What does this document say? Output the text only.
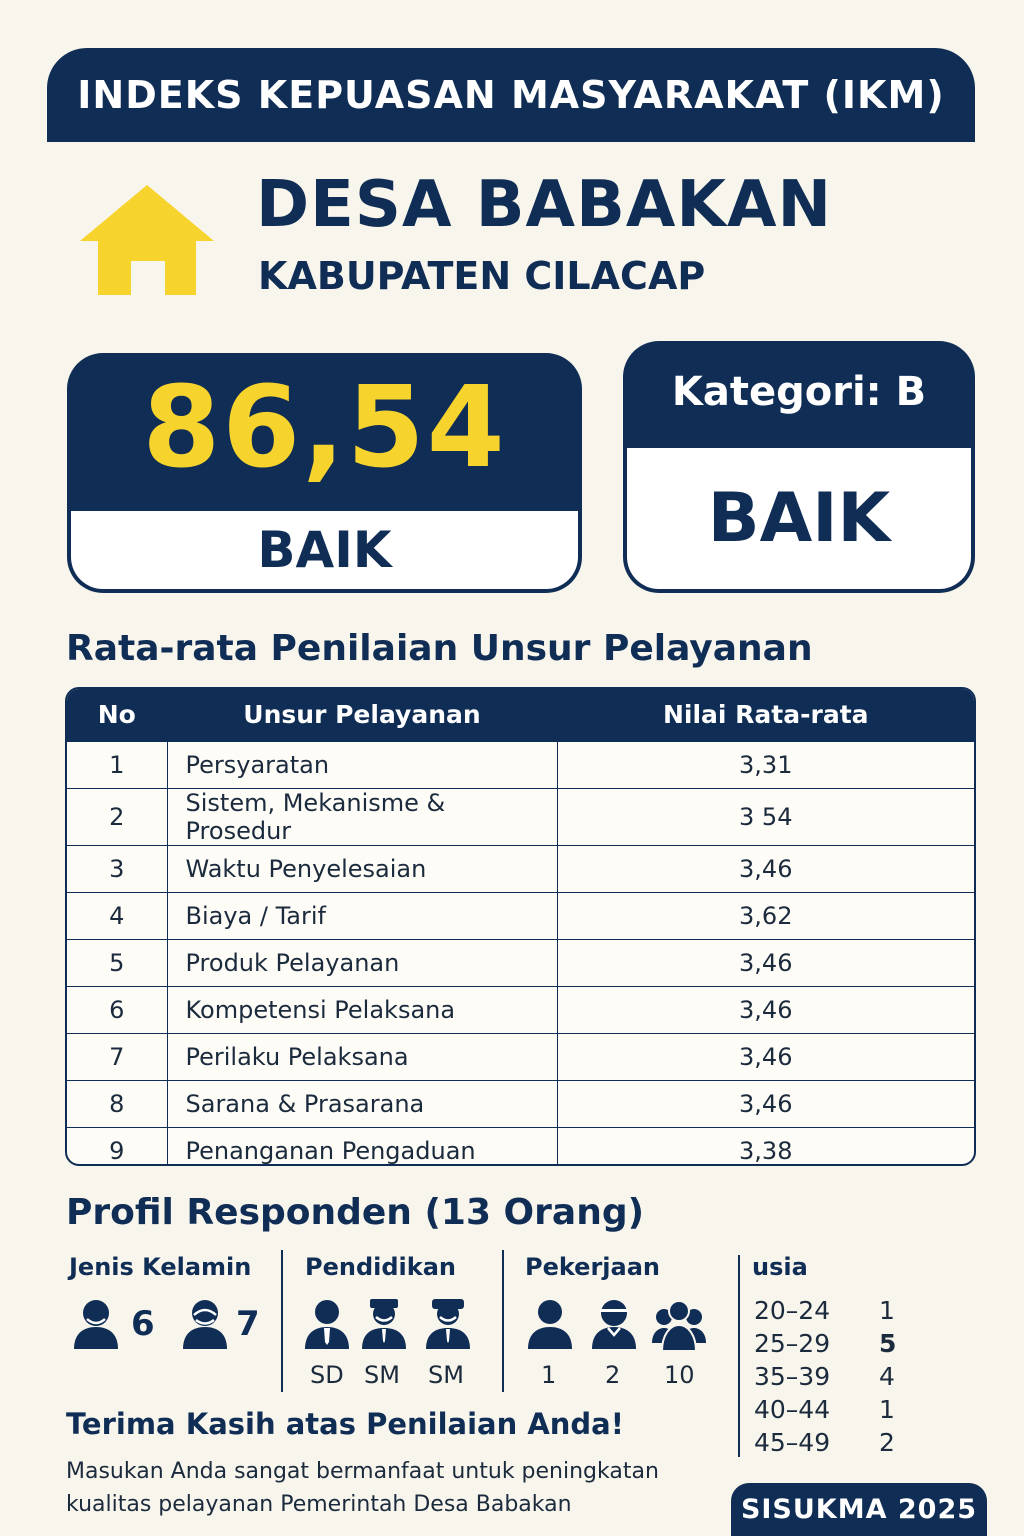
INDEKS KEPUASAN MASYARAKAT (IKM)
DESA BABAKAN
KABUPATEN CILACAP
86,54
BAIK
Kategori: B
BAIK
Rata-rata Penilaian Unsur Pelayanan
No	Unsur Pelayanan	Nilai Rata-rata
1	Persyaratan	3,31
2	Sistem, Mekanisme & Prosedur	3 54
3	Waktu Penyelesaian	3,46
4	Biaya / Tarif	3,62
5	Produk Pelayanan	3,46
6	Kompetensi Pelaksana	3,46
7	Perilaku Pelaksana	3,46
8	Sarana & Prasarana	3,46
9	Penanganan Pengaduan	3,38
Profil Responden (13 Orang)
Jenis Kelamin
6 7
Pendidikan
SD SM SM
Pekerjaan
1 2 10
usia
20–24 1
25–29 5
35–39 4
40–44 1
45–49 2
Terima Kasih atas Penilaian Anda!
Masukan Anda sangat bermanfaat untuk peningkatan
kualitas pelayanan Pemerintah Desa Babakan	SISUKMA 2025
